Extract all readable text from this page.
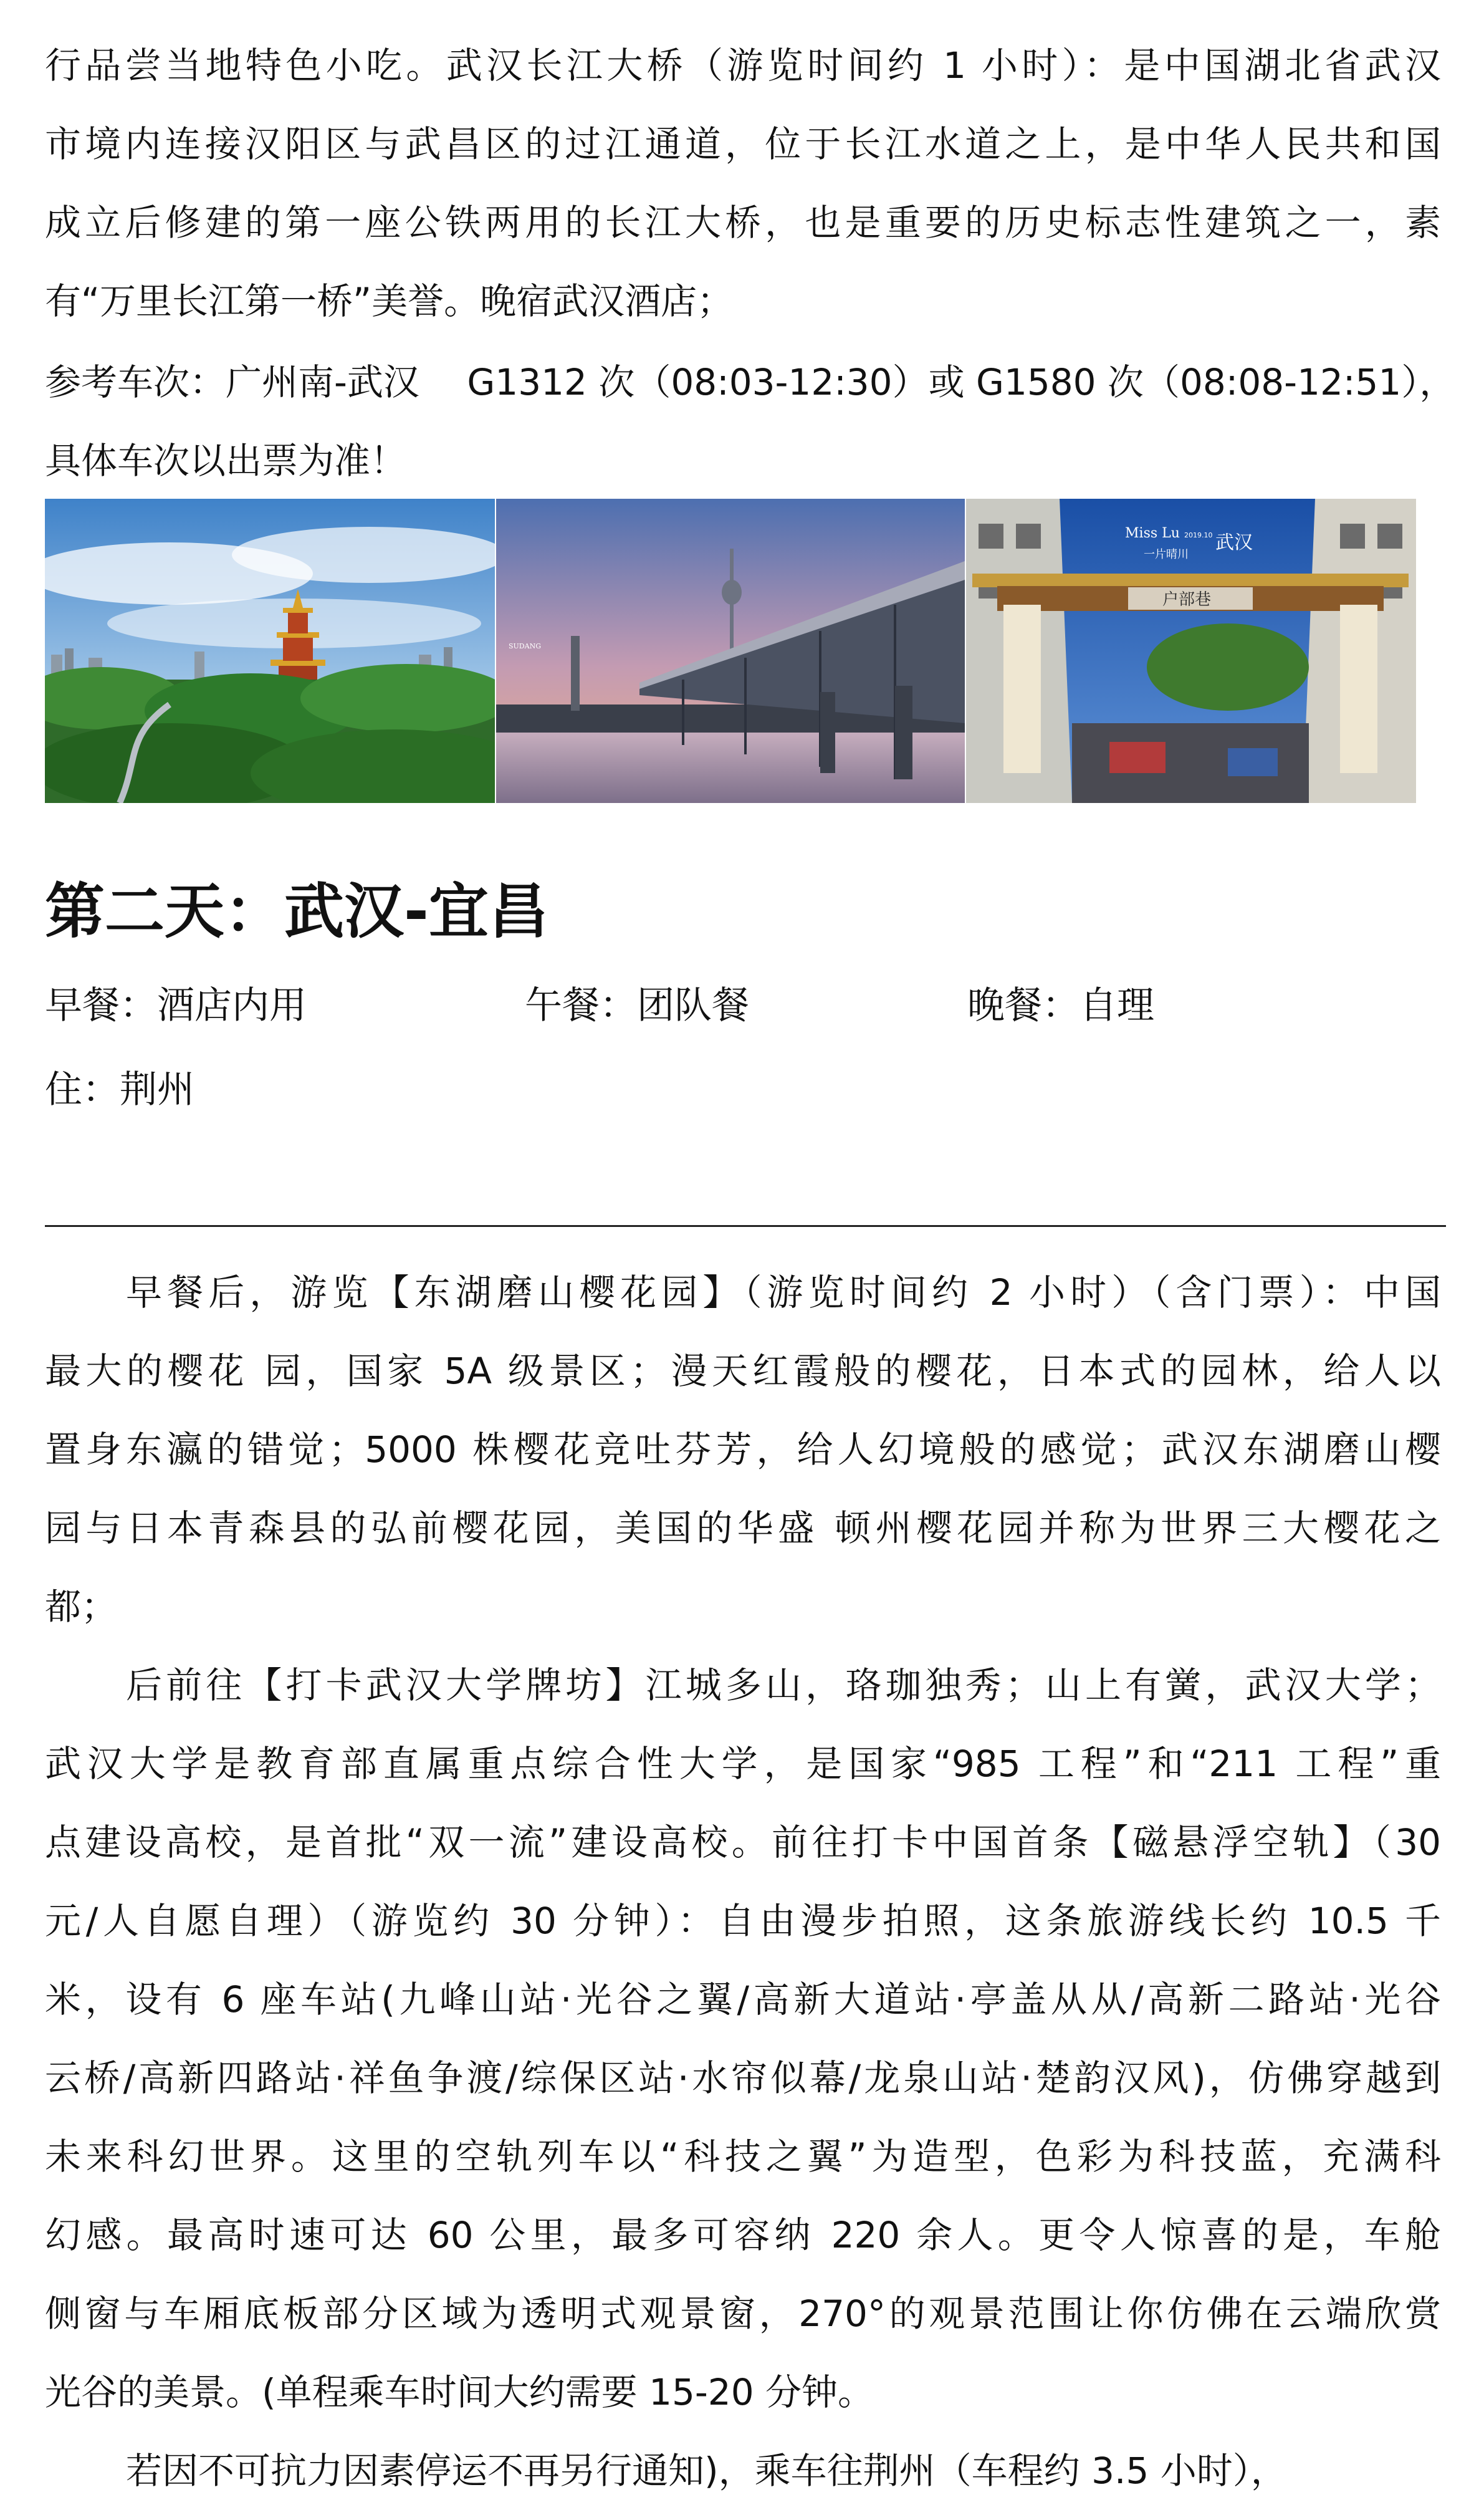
行品尝当地特色小吃。武汉长江大桥（游览时间约 1 小时）：是中国湖北省武汉

市境内连接汉阳区与武昌区的过江通道，位于长江水道之上，是中华人民共和国

成立后修建的第一座公铁两用的长江大桥，也是重要的历史标志性建筑之一，素

有“万里长江第一桥”美誉。晚宿武汉酒店；

参考车次：广州南-武汉　 G1312 次（08:03-12:30）或 G1580 次（08:08-12:51），

具体车次以出票为准！

SUDANG
Miss Lu
一片晴川
2019.10 武汉
户部巷
第二天：武汉-宜昌
早餐：酒店内用	午餐：团队餐	晚餐：自理
住：荆州

早餐后，游览【东湖磨山樱花园】（游览时间约 2 小时）（含门票）：中国

最大的樱花 园，国家 5A 级景区；漫天红霞般的樱花，日本式的园林，给人以

置身东瀛的错觉；5000 株樱花竞吐芬芳，给人幻境般的感觉；武汉东湖磨山樱

园与日本青森县的弘前樱花园，美国的华盛 顿州樱花园并称为世界三大樱花之

都；

后前往【打卡武汉大学牌坊】江城多山，珞珈独秀；山上有黉，武汉大学；

武汉大学是教育部直属重点综合性大学，是国家“985 工程”和“211 工程”重

点建设高校，是首批“双一流”建设高校。前往打卡中国首条【磁悬浮空轨】（30

元/人自愿自理）（游览约 30 分钟）：自由漫步拍照，这条旅游线长约 10.5 千

米，设有 6 座车站(九峰山站·光谷之翼/高新大道站·亭盖从从/高新二路站·光谷

云桥/高新四路站·祥鱼争渡/综保区站·水帘似幕/龙泉山站·楚韵汉风)，仿佛穿越到

未来科幻世界。这里的空轨列车以“科技之翼”为造型，色彩为科技蓝，充满科

幻感。最高时速可达 60 公里，最多可容纳 220 余人。更令人惊喜的是，车舱

侧窗与车厢底板部分区域为透明式观景窗，270°的观景范围让你仿佛在云端欣赏

光谷的美景。(单程乘车时间大约需要 15-20 分钟。

若因不可抗力因素停运不再另行通知)，乘车往荆州（车程约 3.5 小时），
